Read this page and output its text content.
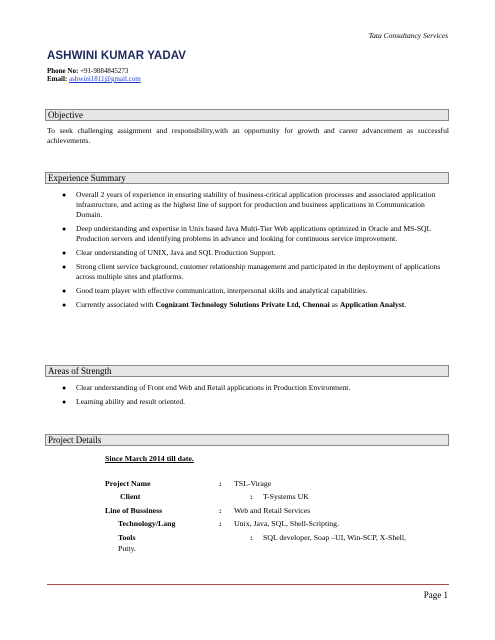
Tata Consultancy Services
ASHWINI KUMAR YADAV
Phone No: +91-9884845273
Email: ashwini1811@gmail.com
Objective
To seek challenging assignment and responsibility,with an opportunity for growth and career advancement as successful achievements.
Experience Summary
● Overall 2 years of experience in ensuring stability of business-critical application processes and associated application infrastructure, and acting as the highest line of support for production and business applications in Communication Domain.
● Deep understanding and expertise in Unix based Java Multi-Tier Web applications optimized in Oracle and MS-SQL Production servers and identifying problems in advance and looking for continuous service improvement.
● Clear understanding of UNIX, Java and SQL Production Support.
● Strong client service background, customer relationship management and participated in the deployment of applications across multiple sites and platforms.
● Good team player with effective communication, interpersonal skills and analytical capabilities.
● Currently associated with Cognizant Technology Solutions Private Ltd, Chennai as Application Analyst.
Areas of Strength
● Clear understanding of Front end Web and Retail applications in Production Environment.
● Learning ability and result oriented.
Project Details
Since March 2014 till date.
Project Name	: TSL-Virage
Client	: T-Systems UK
Line of Bussiness	: Web and Retail Services
Technology/Lang	: Unix, Java, SQL, Shell-Scripting.
Tools	: SQL developer, Soap –UI, Win-SCP, X-Shell,
Putty.
Page 1
